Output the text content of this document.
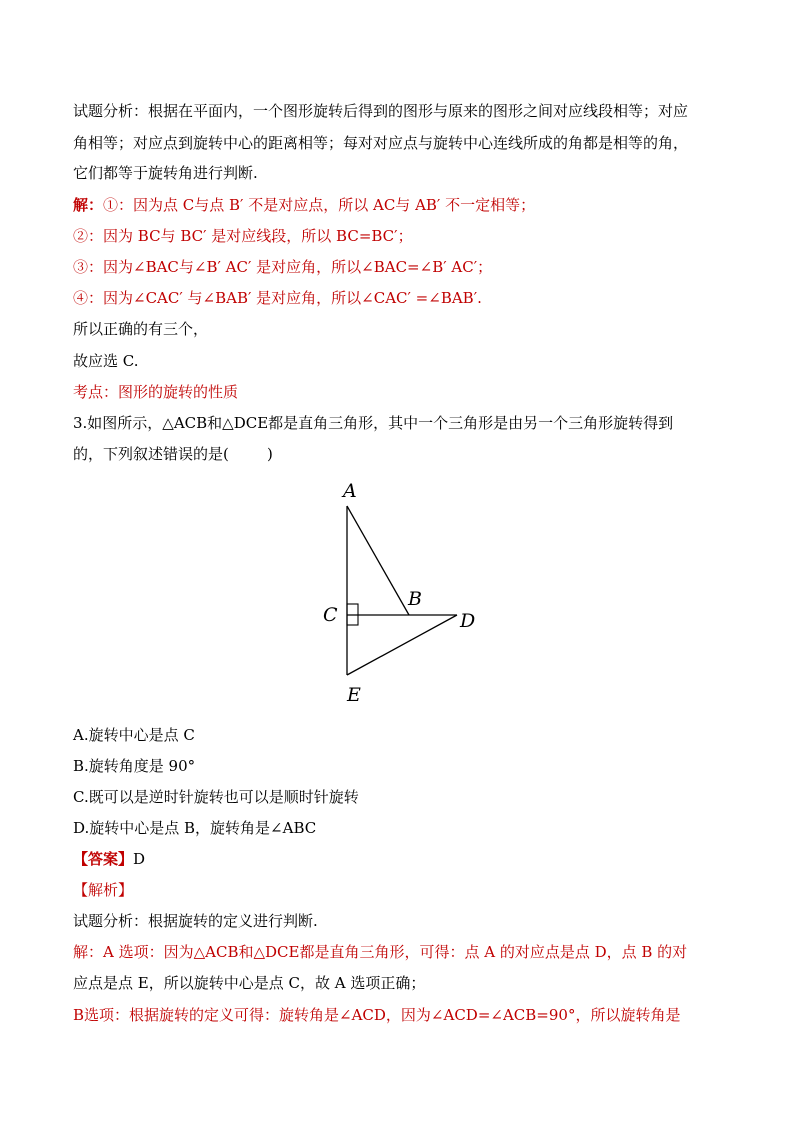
试题分析：根据在平面内，一个图形旋转后得到的图形与原来的图形之间对应线段相等；对应
角相等；对应点到旋转中心的距离相等；每对对应点与旋转中心连线所成的角都是相等的角，
它们都等于旋转角进行判断.
解：①：因为点 C与点 B′ 不是对应点，所以 AC与 AB′ 不一定相等；
②：因为 BC与 BC′ 是对应线段，所以 BC=BC′；
③：因为∠BAC与∠B′ AC′ 是对应角，所以∠BAC=∠B′ AC′；
④：因为∠CAC′ 与∠BAB′ 是对应角，所以∠CAC′ =∠BAB′.
所以正确的有三个，
故应选 C.
考点：图形的旋转的性质
3.如图所示，△ACB和△DCE都是直角三角形，其中一个三角形是由另一个三角形旋转得到
的，下列叙述错误的是(        )
A.旋转中心是点 C
B.旋转角度是 90°
C.既可以是逆时针旋转也可以是顺时针旋转
D.旋转中心是点 B，旋转角是∠ABC
【答案】D
【解析】
试题分析：根据旋转的定义进行判断.
解：A 选项：因为△ACB和△DCE都是直角三角形，可得：点 A 的对应点是点 D，点 B 的对
应点是点 E，所以旋转中心是点 C，故 A 选项正确；
B选项：根据旋转的定义可得：旋转角是∠ACD，因为∠ACD=∠ACB=90°，所以旋转角是
A
B
C	D
E
